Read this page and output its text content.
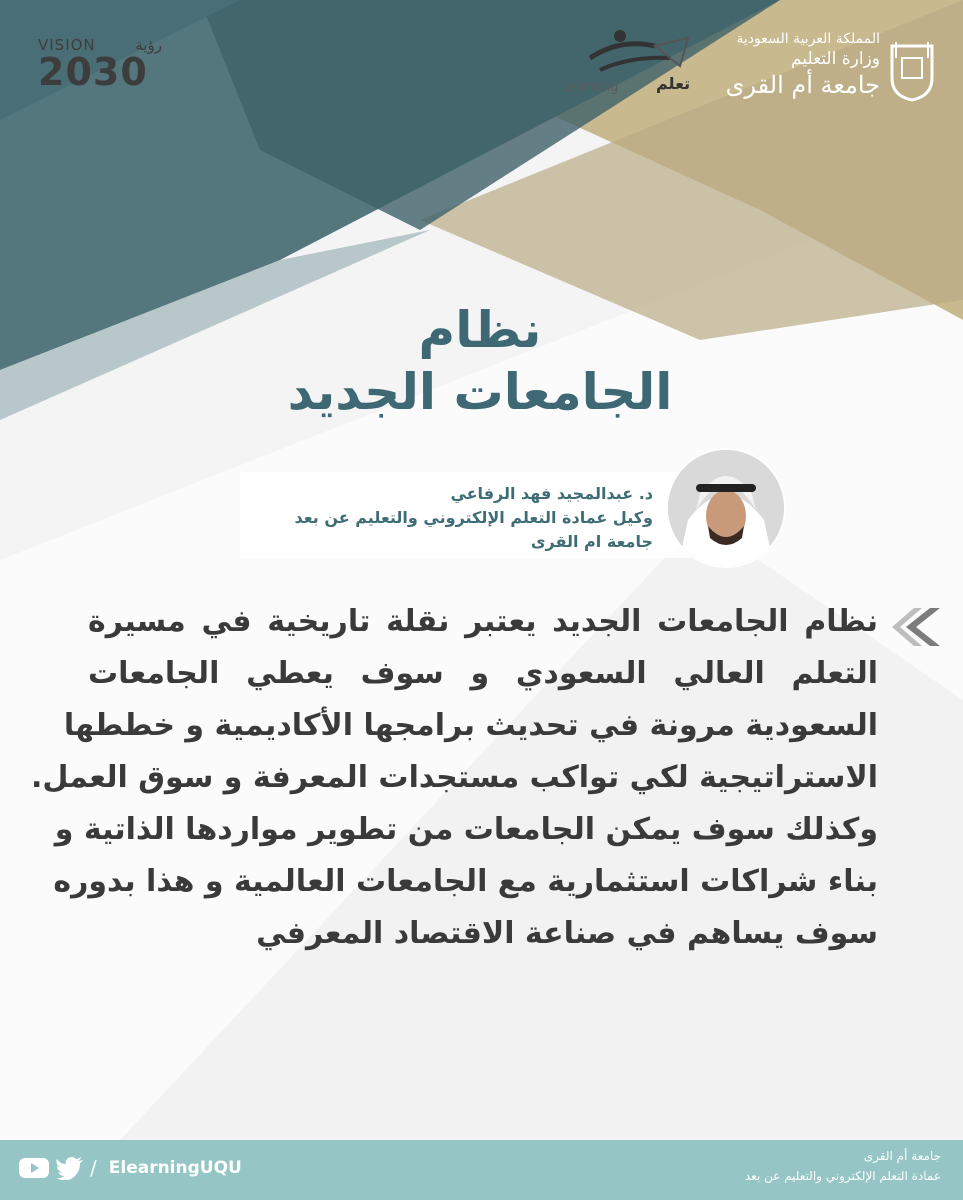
VISION	رؤية
2030	Learning تعلم
المملكة العربية السعودية
وزارة التعليم
جامعة أم القرى
نظام
الجامعات الجديد
د. عبدالمجيد فهد الرفاعي
وكيل عمادة التعلم الإلكتروني والتعليم عن بعد
جامعة ام القرى
نظام الجامعات الجديد يعتبر نقلة تاريخية في مسيرة
التعلم العالي السعودي و سوف يعطي الجامعات
السعودية مرونة في تحديث برامجها الأكاديمية و خططها
الاستراتيجية لكي تواكب مستجدات المعرفة و سوق العمل.
وكذلك سوف يمكن الجامعات من تطوير مواردها الذاتية و
بناء شراكات استثمارية مع الجامعات العالمية و هذا بدوره
سوف يساهم في صناعة الاقتصاد المعرفي
/ ElearningUQU
جامعة أم القرى
عمادة التعلم الإلكتروني والتعليم عن بعد
